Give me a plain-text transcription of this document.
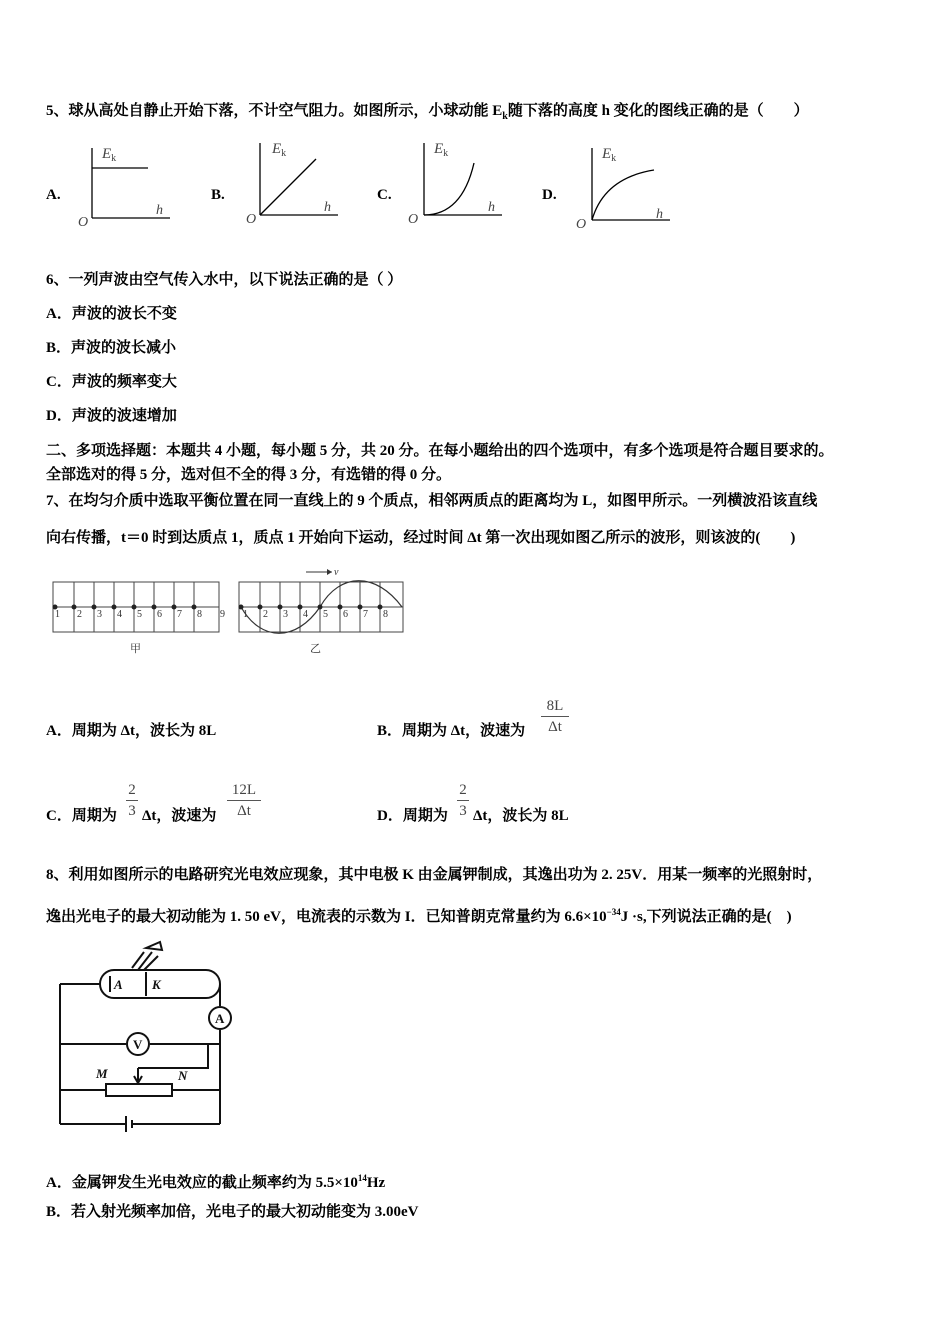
5、球从高处自静止开始下落，不计空气阻力。如图所示，小球动能 $E_k$随下落的高度 h 变化的图线正确的是（　　）
A.
$E_k$
O
h
B.
$E_k$
O
h
C.
$E_k$
O
h
D.
$E_k$
O
h
6、一列声波由空气传入水中，以下说法正确的是（ ）
A．声波的波长不变
B．声波的波长减小
C．声波的频率变大
D．声波的波速增加
二、多项选择题：本题共 4 小题，每小题 5 分，共 20 分。在每小题给出的四个选项中，有多个选项是符合题目要求的。
全部选对的得 5 分，选对但不全的得 3 分，有选错的得 0 分。
7、在均匀介质中选取平衡位置在同一直线上的 9 个质点，相邻两质点的距离均为 L，如图甲所示。一列横波沿该直线
向右传播，t＝0 时到达质点 1，质点 1 开始向下运动，经过时间 Δt 第一次出现如图乙所示的波形，则该波的(　　)
1 2 3 4 5 6 7 8 9
甲
v
1 2 3 4 5 6 7 8
乙
A．周期为 Δt，波长为 8L	B．周期为 Δt，波速为
8L
Δt
C．周期为
2
3 Δt，波速为
12L
Δt	D．周期为
2
3 Δt，波长为 8L
8、利用如图所示的电路研究光电效应现象，其中电极 K 由金属钾制成，其逸出功为 2. 25V．用某一频率的光照射时，
逸出光电子的最大初动能为 1. 50 eV，电流表的示数为 I．已知普朗克常量约为 $6.6\times 10^{-34}J \cdot s$,下列说法正确的是(　)
A K
A
V
M	N
A．金属钾发生光电效应的截止频率约为 $5.5\times 10^{14}Hz$
B．若入射光频率加倍，光电子的最大初动能变为 3.00eV
